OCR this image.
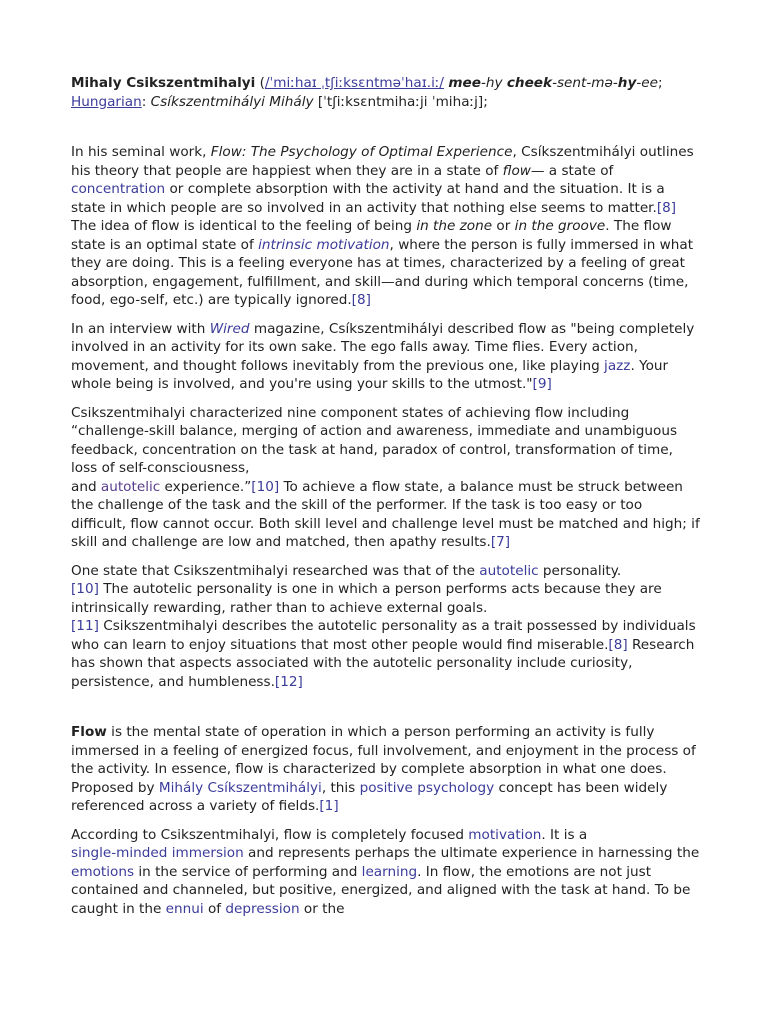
Mihaly Csikszentmihalyi (/ˈmiːhaɪ ˌtʃiːksɛntməˈhaɪ.iː/ mee-hy cheek-sent-mə-hy-ee; Hungarian: Csíkszentmihályi Mihály [ˈtʃiːksɛntmihaːji ˈmihaːj];

In his seminal work, Flow: The Psychology of Optimal Experience, Csíkszentmihályi outlines his theory that people are happiest when they are in a state of flow— a state of concentration or complete absorption with the activity at hand and the situation. It is a state in which people are so involved in an activity that nothing else seems to matter.[8] The idea of flow is identical to the feeling of being in the zone or in the groove. The flow state is an optimal state of intrinsic motivation, where the person is fully immersed in what they are doing. This is a feeling everyone has at times, characterized by a feeling of great absorption, engagement, fulfillment, and skill—and during which temporal concerns (time, food, ego-self, etc.) are typically ignored.[8]

In an interview with Wired magazine, Csíkszentmihályi described flow as "being completely involved in an activity for its own sake. The ego falls away. Time flies. Every action, movement, and thought follows inevitably from the previous one, like playing jazz. Your whole being is involved, and you're using your skills to the utmost."[9]

Csikszentmihalyi characterized nine component states of achieving flow including “challenge-skill balance, merging of action and awareness, immediate and unambiguous feedback, concentration on the task at hand, paradox of control, transformation of time, loss of self-consciousness,
and autotelic experience.”[10] To achieve a flow state, a balance must be struck between the challenge of the task and the skill of the performer. If the task is too easy or too difficult, flow cannot occur. Both skill level and challenge level must be matched and high; if skill and challenge are low and matched, then apathy results.[7]

One state that Csikszentmihalyi researched was that of the autotelic personality.
[10] The autotelic personality is one in which a person performs acts because they are intrinsically rewarding, rather than to achieve external goals.
[11] Csikszentmihalyi describes the autotelic personality as a trait possessed by individuals who can learn to enjoy situations that most other people would find miserable.[8] Research has shown that aspects associated with the autotelic personality include curiosity, persistence, and humbleness.[12]

Flow is the mental state of operation in which a person performing an activity is fully immersed in a feeling of energized focus, full involvement, and enjoyment in the process of the activity. In essence, flow is characterized by complete absorption in what one does. Proposed by Mihály Csíkszentmihályi, this positive psychology concept has been widely referenced across a variety of fields.[1]

According to Csikszentmihalyi, flow is completely focused motivation. It is a
single-minded immersion and represents perhaps the ultimate experience in harnessing the emotions in the service of performing and learning. In flow, the emotions are not just contained and channeled, but positive, energized, and aligned with the task at hand. To be caught in the ennui of depression or the
